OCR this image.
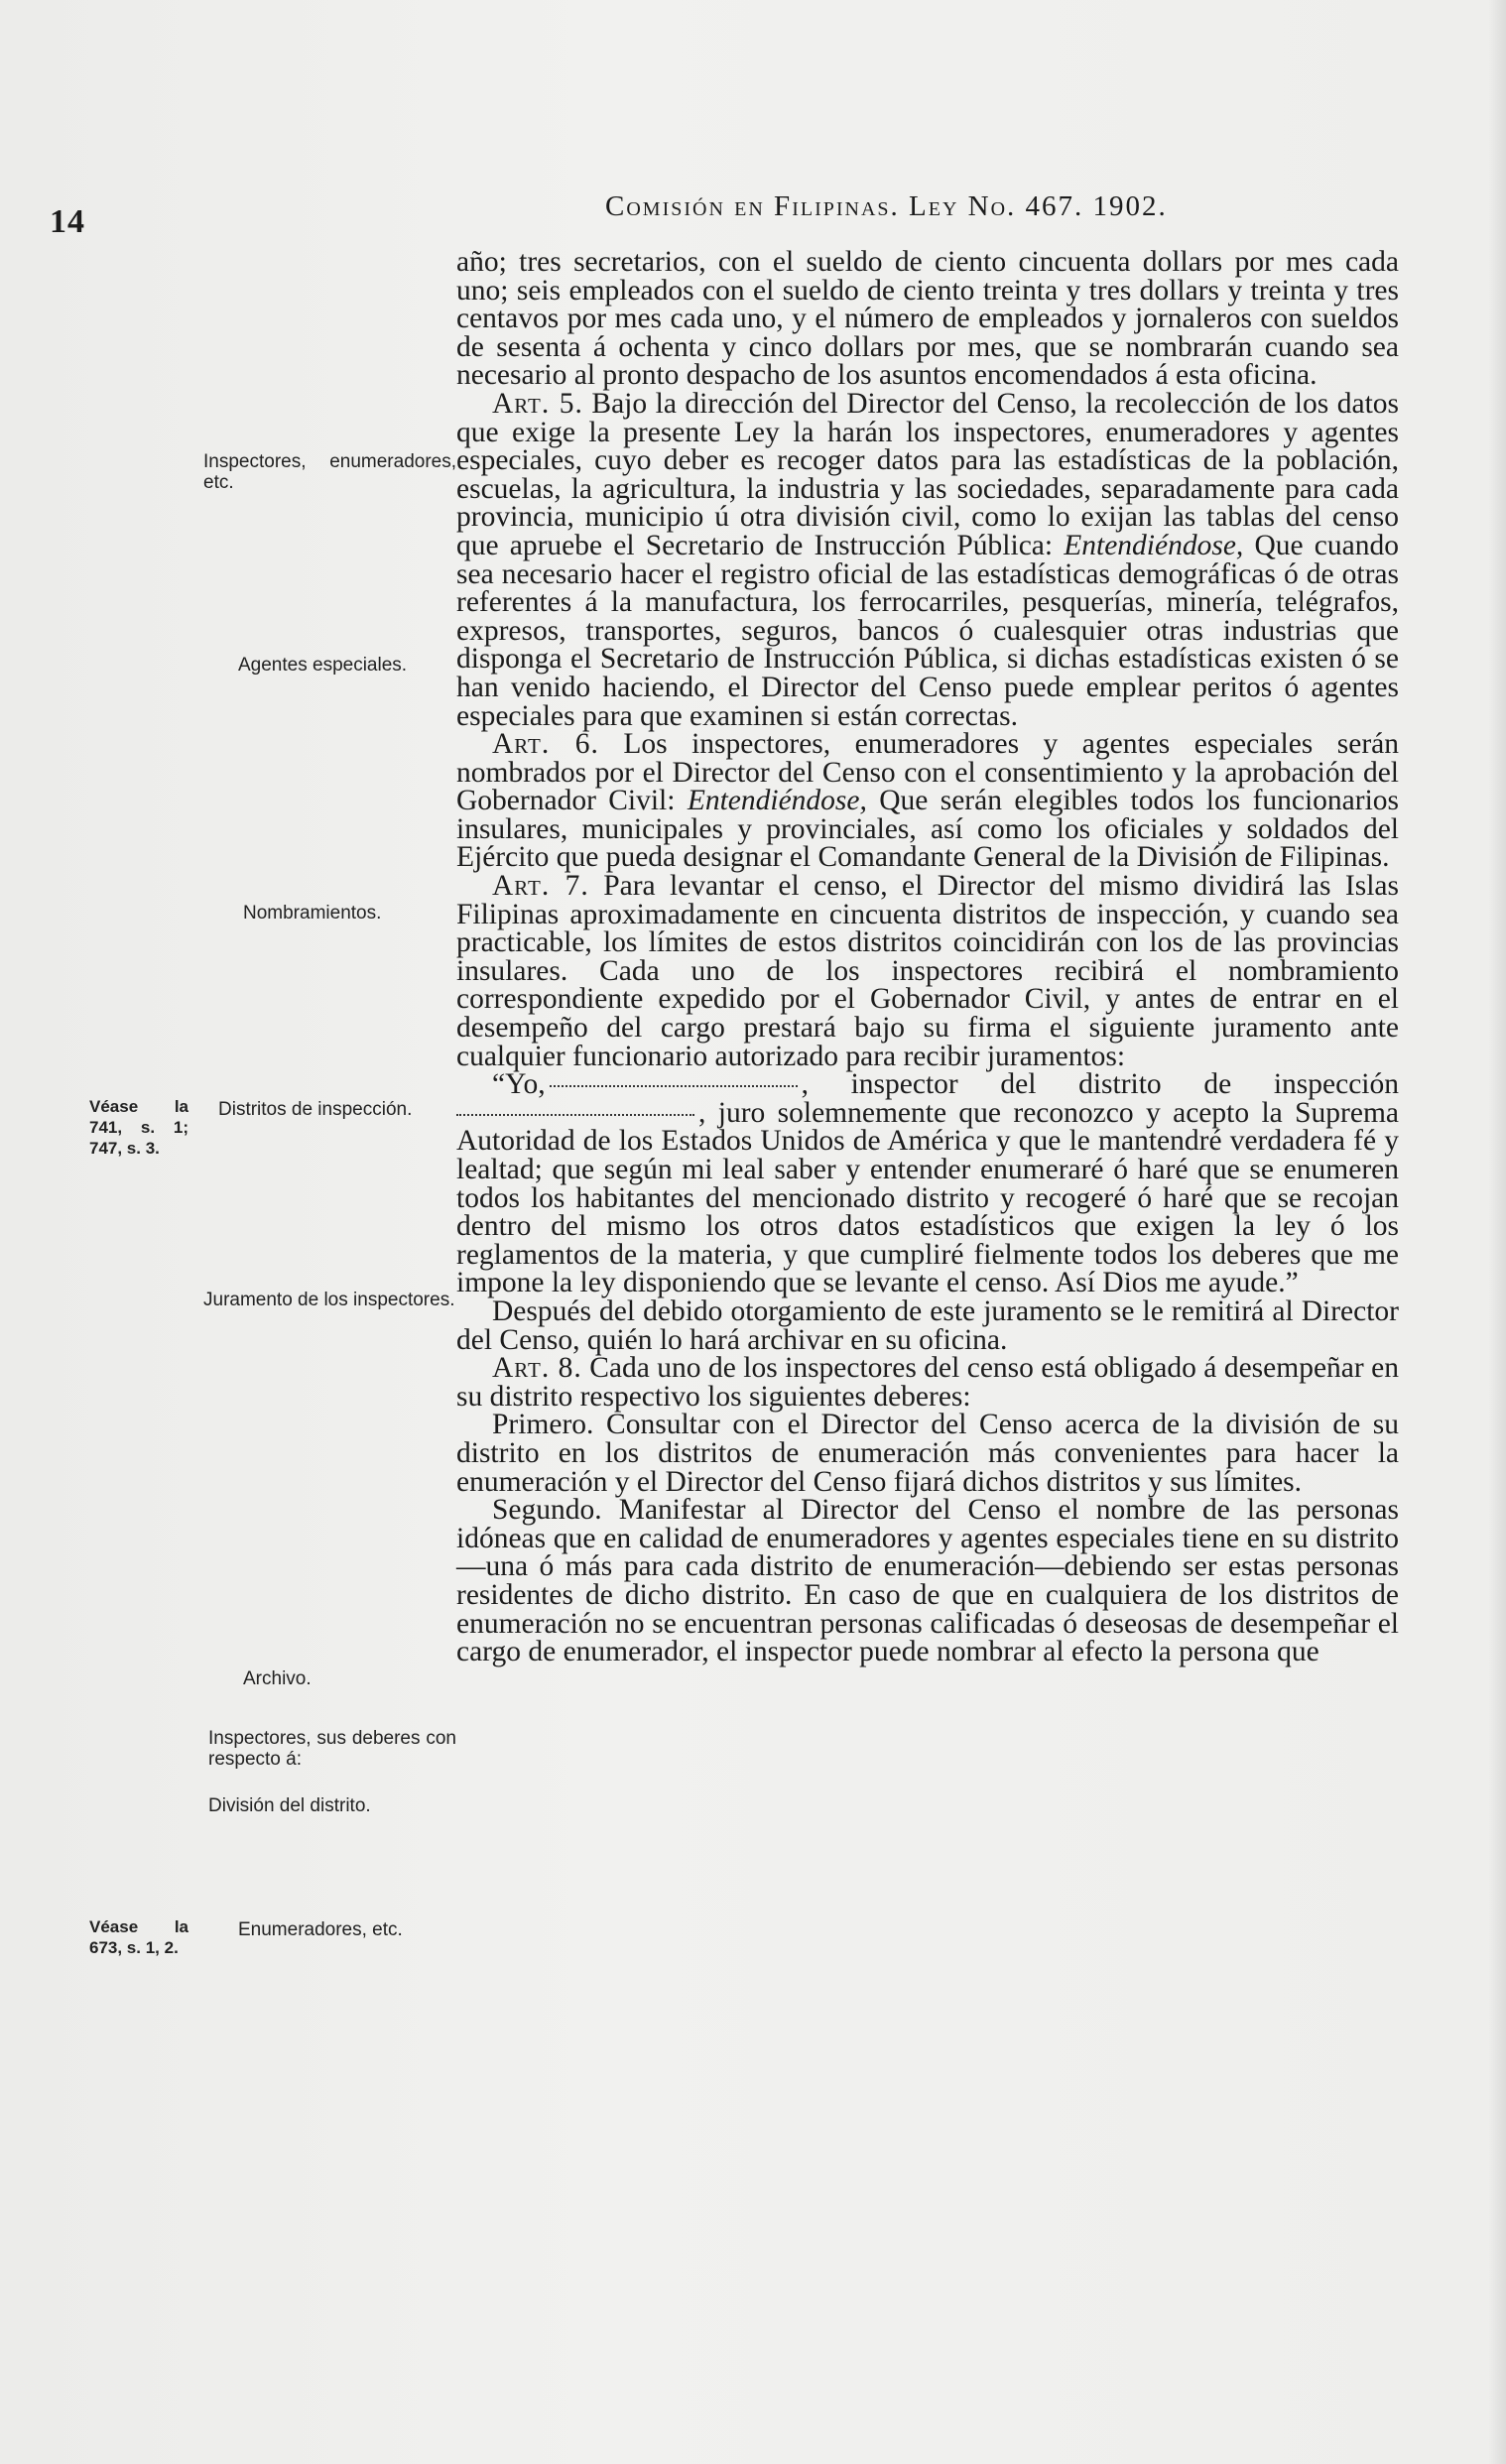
14	Comisión en Filipinas. Ley No. 467. 1902.
Inspectores, enumeradores, etc.
Agentes especiales.
Nombramientos.
Véase la 741, s. 1; 747, s. 3.
Distritos de inspección.
Juramento de los inspectores.
Archivo.
Inspectores, sus deberes con respecto á:
División del distrito.
Véase la 673, s. 1, 2.
Enumeradores, etc.

año; tres secretarios, con el sueldo de ciento cincuenta dollars por mes cada uno; seis empleados con el sueldo de ciento treinta y tres dollars y treinta y tres centavos por mes cada uno, y el número de empleados y jornaleros con sueldos de sesenta á ochenta y cinco dollars por mes, que se nombrarán cuando sea necesario al pronto despacho de los asuntos encomendados á esta oficina.

Art. 5. Bajo la dirección del Director del Censo, la recolección de los datos que exige la presente Ley la harán los inspectores, enumeradores y agentes especiales, cuyo deber es recoger datos para las estadísticas de la población, escuelas, la agricultura, la industria y las sociedades, separadamente para cada provincia, municipio ú otra división civil, como lo exijan las tablas del censo que apruebe el Secretario de Instrucción Pública: Entendiéndose, Que cuando sea necesario hacer el registro oficial de las estadísticas demográficas ó de otras referentes á la manufactura, los ferrocarriles, pesquerías, minería, telégrafos, expresos, transportes, seguros, bancos ó cualesquier otras industrias que disponga el Secretario de Instrucción Pública, si dichas estadísticas existen ó se han venido haciendo, el Director del Censo puede emplear peritos ó agentes especiales para que examinen si están correctas.

Art. 6. Los inspectores, enumeradores y agentes especiales serán nombrados por el Director del Censo con el consentimiento y la aprobación del Gobernador Civil: Entendiéndose, Que serán elegibles todos los funcionarios insulares, municipales y provinciales, así como los oficiales y soldados del Ejército que pueda designar el Comandante General de la División de Filipinas.

Art. 7. Para levantar el censo, el Director del mismo dividirá las Islas Filipinas aproximadamente en cincuenta distritos de inspección, y cuando sea practicable, los límites de estos distritos coincidirán con los de las provincias insulares. Cada uno de los inspectores recibirá el nombramiento correspondiente expedido por el Gobernador Civil, y antes de entrar en el desempeño del cargo prestará bajo su firma el siguiente juramento ante cualquier funcionario autorizado para recibir juramentos:

“Yo,	, inspector del distrito de inspección , juro solemnemente que reconozco y acepto la Suprema Autoridad de los Estados Unidos de América y que le mantendré verdadera fé y lealtad; que según mi leal saber y entender enumeraré ó haré que se enumeren todos los habitantes del mencionado distrito y recogeré ó haré que se recojan dentro del mismo los otros datos estadísticos que exigen la ley ó los reglamentos de la materia, y que cumpliré fielmente todos los deberes que me impone la ley disponiendo que se levante el censo. Así Dios me ayude.”

Después del debido otorgamiento de este juramento se le remitirá al Director del Censo, quién lo hará archivar en su oficina.

Art. 8. Cada uno de los inspectores del censo está obligado á desempeñar en su distrito respectivo los siguientes deberes:

Primero. Consultar con el Director del Censo acerca de la división de su distrito en los distritos de enumeración más convenientes para hacer la enumeración y el Director del Censo fijará dichos distritos y sus límites.

Segundo. Manifestar al Director del Censo el nombre de las personas idóneas que en calidad de enumeradores y agentes especiales tiene en su distrito—una ó más para cada distrito de enumeración—debiendo ser estas personas residentes de dicho distrito. En caso de que en cualquiera de los distritos de enumeración no se encuentran personas calificadas ó deseosas de desempeñar el cargo de enumerador, el inspector puede nombrar al efecto la persona que
